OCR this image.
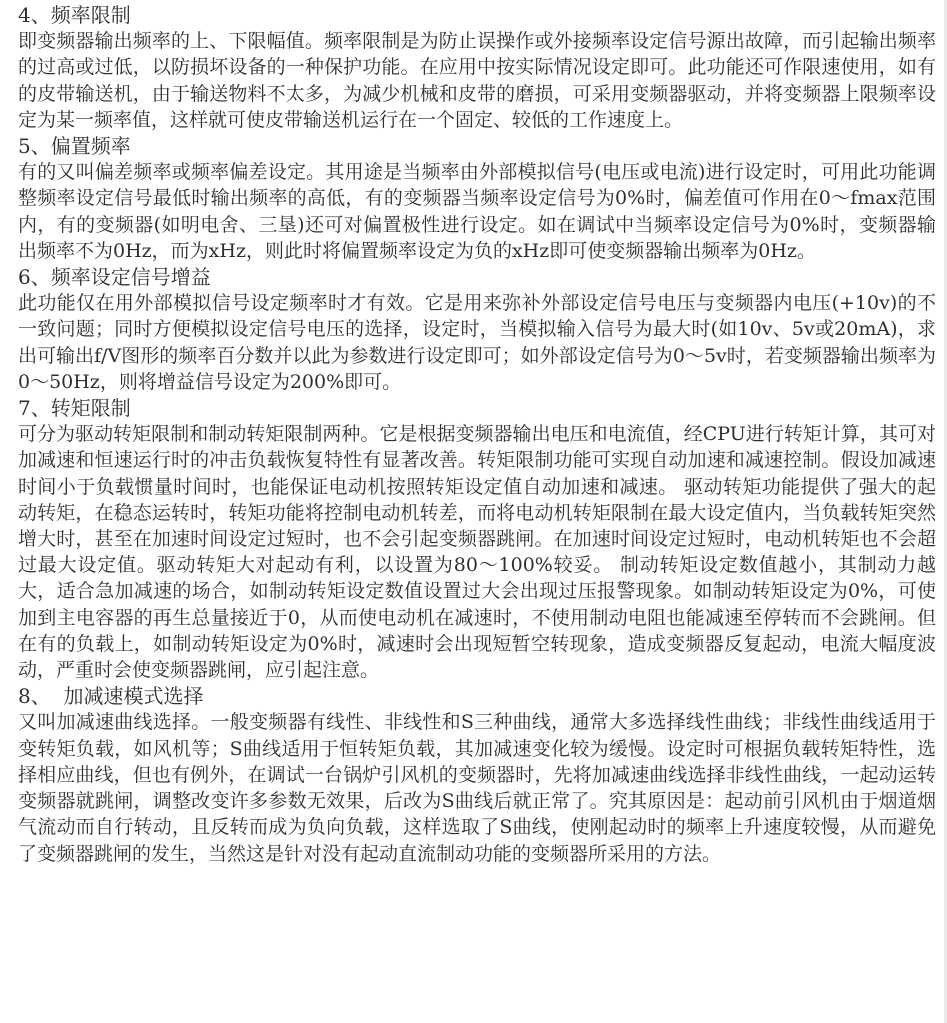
4、频率限制

即变频器输出频率的上、下限幅值。频率限制是为防止误操作或外接频率设定信号源出故障，而引起输出频率的过高或过低，以防损坏设备的一种保护功能。在应用中按实际情况设定即可。此功能还可作限速使用，如有的皮带输送机，由于输送物料不太多，为减少机械和皮带的磨损，可采用变频器驱动，并将变频器上限频率设定为某一频率值，这样就可使皮带输送机运行在一个固定、较低的工作速度上。

5、偏置频率

有的又叫偏差频率或频率偏差设定。其用途是当频率由外部模拟信号(电压或电流)进行设定时，可用此功能调整频率设定信号最低时输出频率的高低，有的变频器当频率设定信号为0%时，偏差值可作用在0～fmax范围内，有的变频器(如明电舍、三垦)还可对偏置极性进行设定。如在调试中当频率设定信号为0%时，变频器输出频率不为0Hz，而为xHz，则此时将偏置频率设定为负的xHz即可使变频器输出频率为0Hz。

6、频率设定信号增益

此功能仅在用外部模拟信号设定频率时才有效。它是用来弥补外部设定信号电压与变频器内电压(+10v)的不一致问题；同时方便模拟设定信号电压的选择，设定时，当模拟输入信号为最大时(如10v、5v或20mA)，求出可输出f/V图形的频率百分数并以此为参数进行设定即可；如外部设定信号为0～5v时，若变频器输出频率为0～50Hz，则将增益信号设定为200%即可。

7、转矩限制

可分为驱动转矩限制和制动转矩限制两种。它是根据变频器输出电压和电流值，经CPU进行转矩计算，其可对加减速和恒速运行时的冲击负载恢复特性有显著改善。转矩限制功能可实现自动加速和减速控制。假设加减速时间小于负载惯量时间时，也能保证电动机按照转矩设定值自动加速和减速。 驱动转矩功能提供了强大的起动转矩，在稳态运转时，转矩功能将控制电动机转差，而将电动机转矩限制在最大设定值内，当负载转矩突然增大时，甚至在加速时间设定过短时，也不会引起变频器跳闸。在加速时间设定过短时，电动机转矩也不会超过最大设定值。驱动转矩大对起动有利，以设置为80～100%较妥。 制动转矩设定数值越小，其制动力越大，适合急加减速的场合，如制动转矩设定数值设置过大会出现过压报警现象。如制动转矩设定为0%，可使加到主电容器的再生总量接近于0，从而使电动机在减速时，不使用制动电阻也能减速至停转而不会跳闸。但在有的负载上，如制动转矩设定为0%时，减速时会出现短暂空转现象，造成变频器反复起动，电流大幅度波动，严重时会使变频器跳闸，应引起注意。

8、  加减速模式选择

又叫加减速曲线选择。一般变频器有线性、非线性和S三种曲线，通常大多选择线性曲线；非线性曲线适用于变转矩负载，如风机等；S曲线适用于恒转矩负载，其加减速变化较为缓慢。设定时可根据负载转矩特性，选择相应曲线，但也有例外，在调试一台锅炉引风机的变频器时，先将加减速曲线选择非线性曲线，一起动运转变频器就跳闸，调整改变许多参数无效果，后改为S曲线后就正常了。究其原因是：起动前引风机由于烟道烟气流动而自行转动，且反转而成为负向负载，这样选取了S曲线，使刚起动时的频率上升速度较慢，从而避免了变频器跳闸的发生，当然这是针对没有起动直流制动功能的变频器所采用的方法。
